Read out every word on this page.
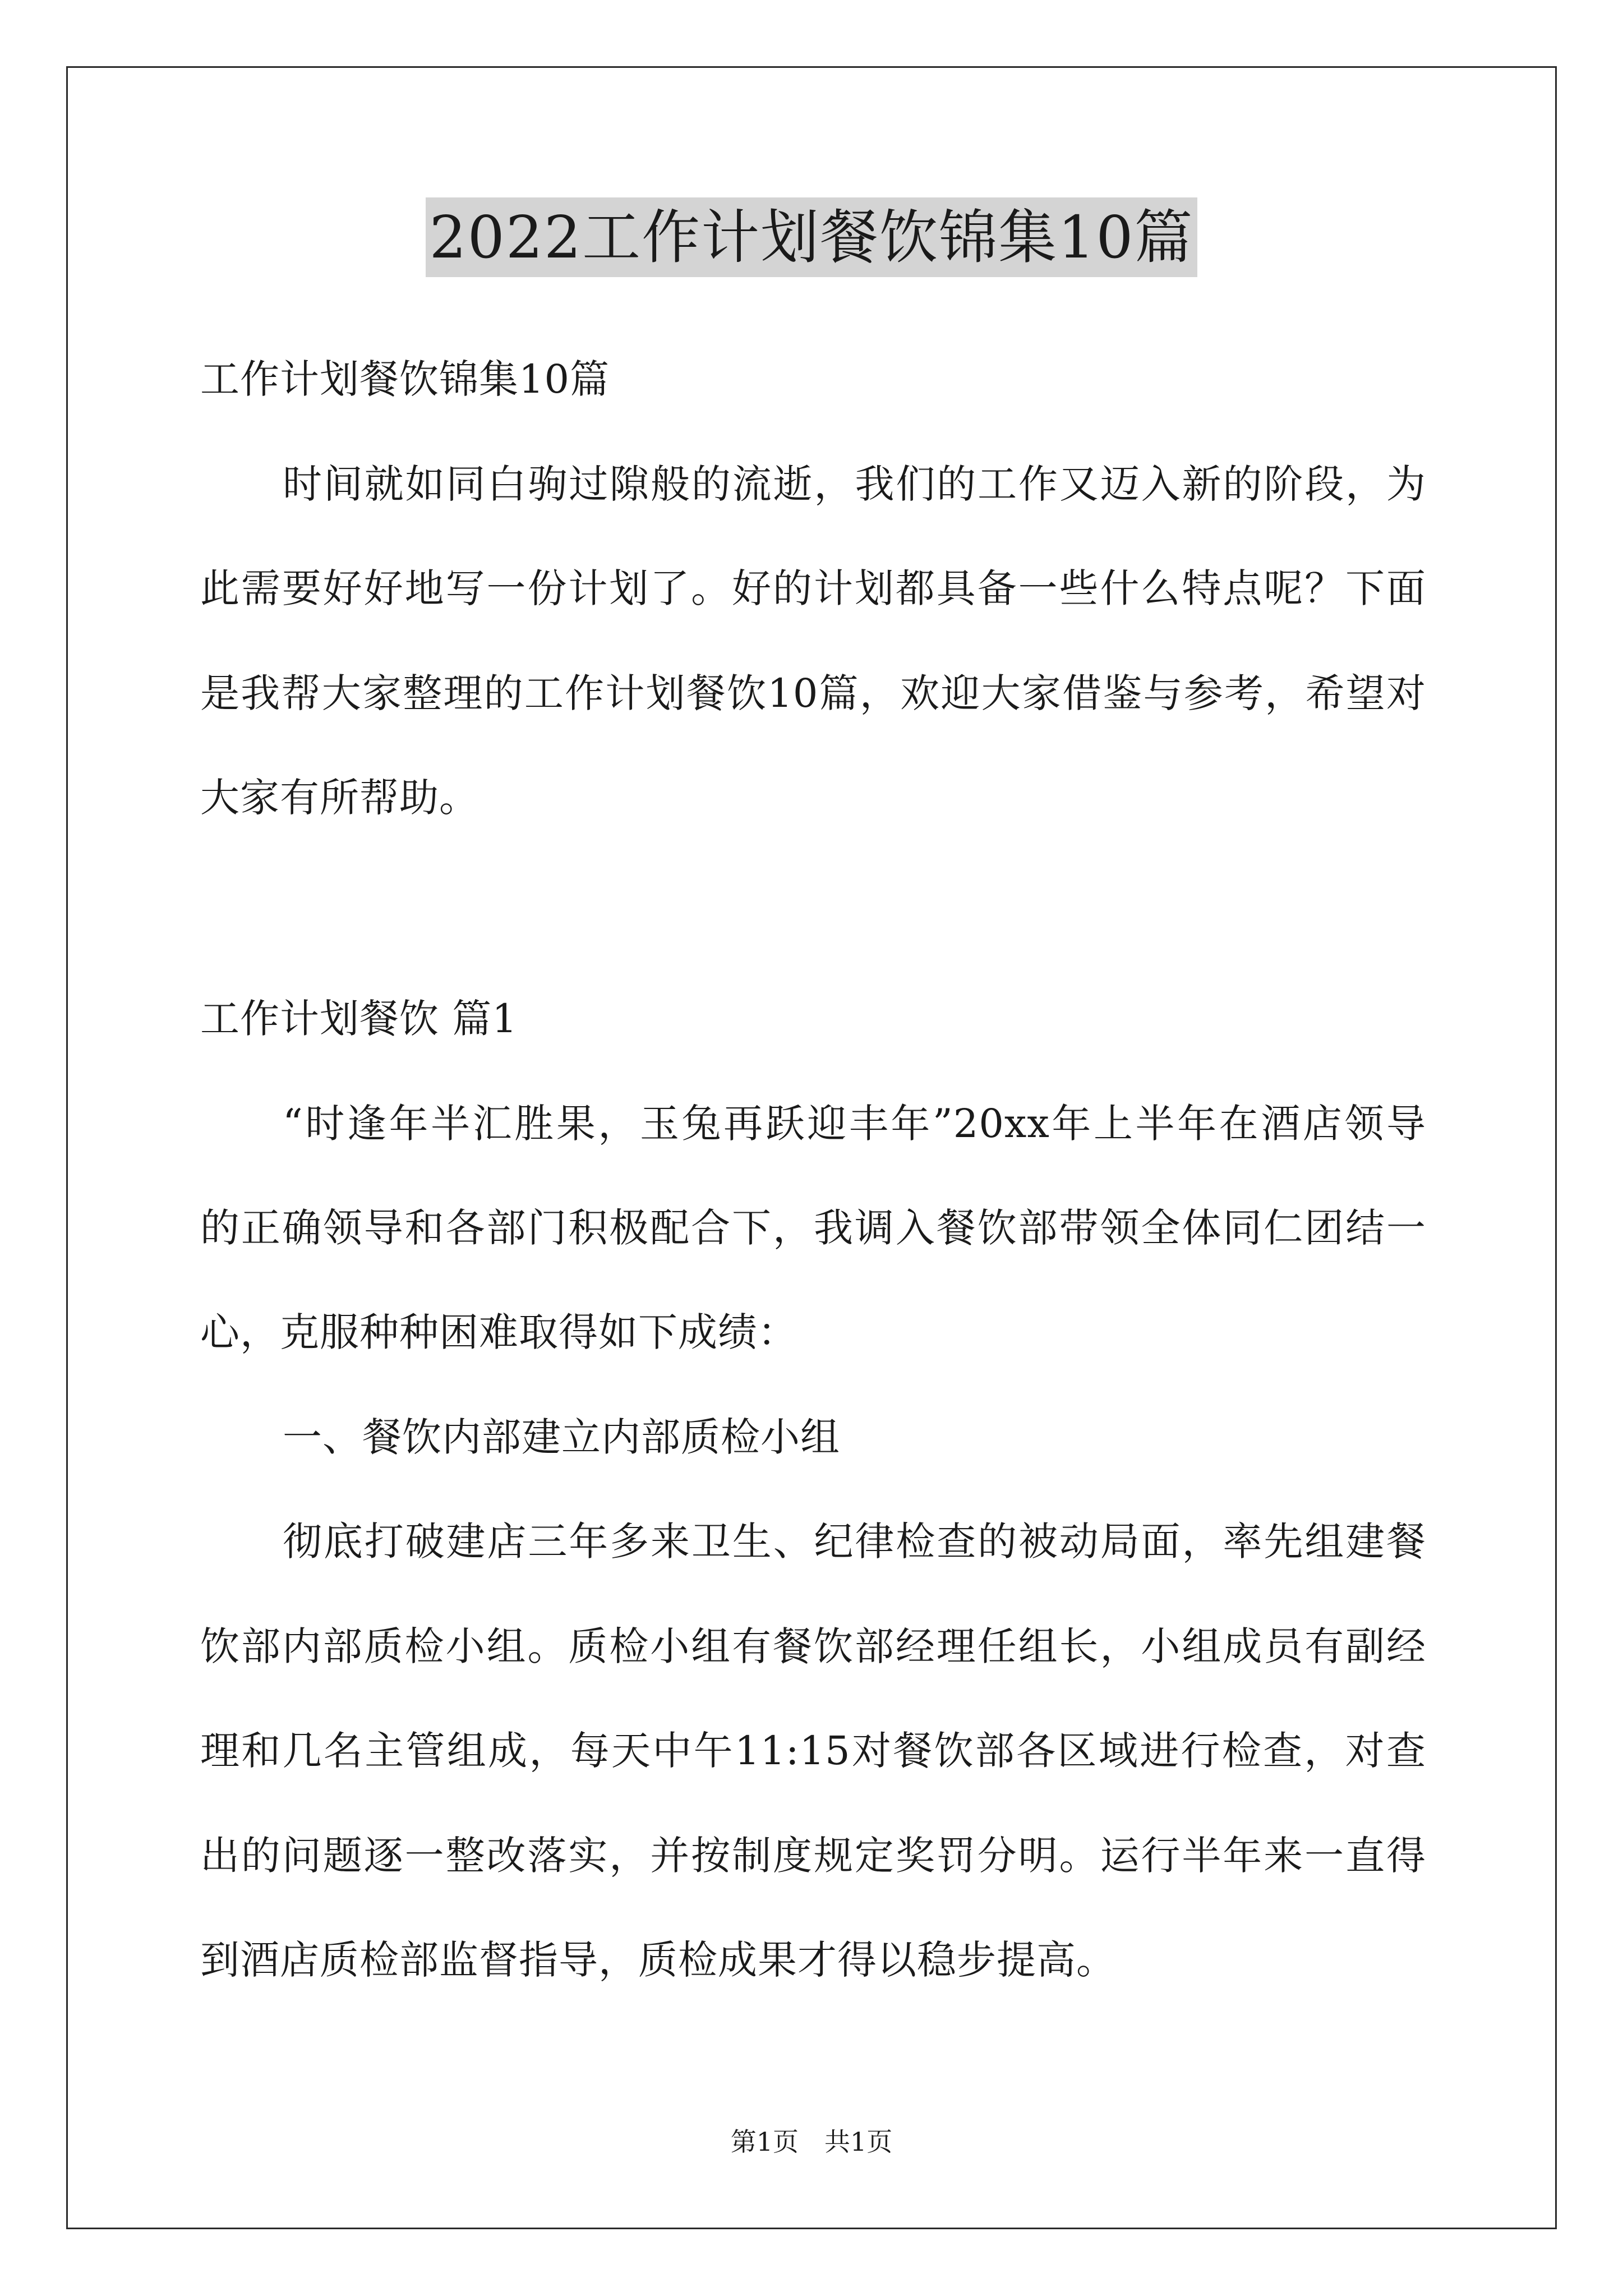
2022工作计划餐饮锦集10篇
工作计划餐饮锦集10篇
时间就如同白驹过隙般的流逝，我们的工作又迈入新的阶段，为
此需要好好地写一份计划了。好的计划都具备一些什么特点呢？下面
是我帮大家整理的工作计划餐饮10篇，欢迎大家借鉴与参考，希望对
大家有所帮助。
工作计划餐饮 篇1
“时逢年半汇胜果，玉兔再跃迎丰年”20xx年上半年在酒店领导
的正确领导和各部门积极配合下，我调入餐饮部带领全体同仁团结一
心，克服种种困难取得如下成绩：
一、餐饮内部建立内部质检小组
彻底打破建店三年多来卫生、纪律检查的被动局面，率先组建餐
饮部内部质检小组。质检小组有餐饮部经理任组长，小组成员有副经
理和几名主管组成，每天中午11:15对餐饮部各区域进行检查，对查
出的问题逐一整改落实，并按制度规定奖罚分明。运行半年来一直得
到酒店质检部监督指导，质检成果才得以稳步提高。
第1页　共1页
